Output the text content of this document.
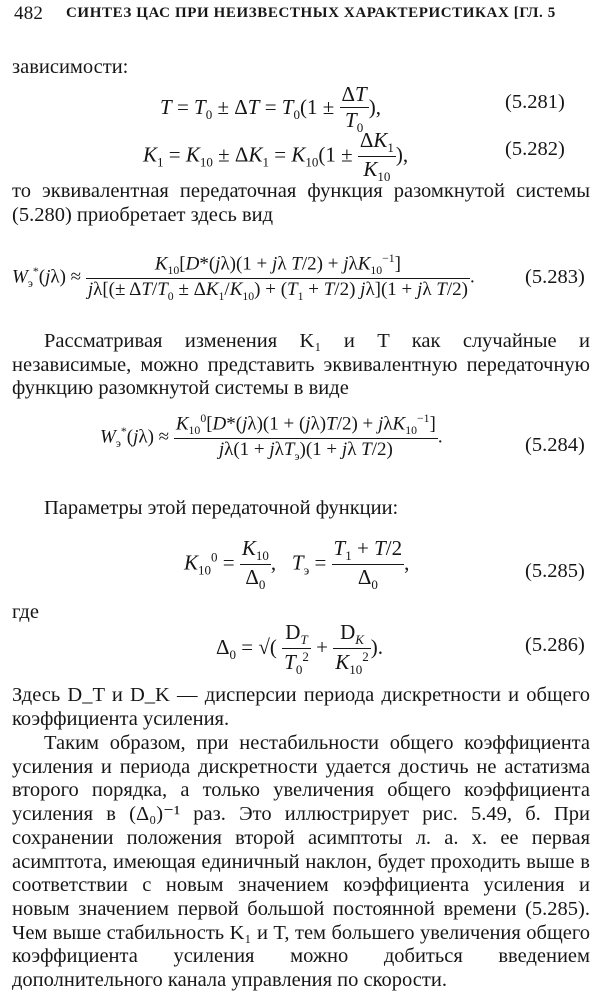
482 СИНТЕЗ ЦАС ПРИ НЕИЗВЕСТНЫХ ХАРАКТЕРИСТИКАХ [ГЛ. 5
зависимости:
$T = T_0 \pm \Delta T = T_0(1 \pm \frac{\Delta T}{T_0}$ ),	(5.281)
$K_1 = K_{10} \pm \Delta K_1 = K_{10}(1 \pm \frac{\Delta K_1}{K_{10}}$ ),	(5.282)
то эквивалентная передаточная функция разомкнутой системы (5.280) приобретает здесь вид
$W_э^*(j\lambda) \approx \frac{K_{10}[D*(j\lambda)(1 + j\lambda T/2) + j\lambda K_{10}^{-1}]}{j\lambda[(\pm \Delta T/T_0 \pm \Delta K_1/K_{10}) + (T_1 + T/2) j\lambda](1 + j\lambda T/2)}$ . (5.283)
Рассматривая изменения K₁ и T как случайные и независимые, можно представить эквивалентную передаточную функцию разомкнутой системы в виде
$W_э^*(j\lambda) \approx \frac{K_{10}^0[D*(j\lambda)(1 + (j\lambda)T/2) + j\lambda K_{10}^{-1}]}{j\lambda(1 + j\lambda T_э)(1 + j\lambda T/2)}$ .	(5.284)
Параметры этой передаточной функции:
$K_{10}^0 = \frac{K_{10}}{\Delta_0}$ ,   $T_э = \frac{T_1 + T/2}{\Delta_0}$ ,	(5.285)
где
$\Delta_0$ = √( $\frac{D_T}{T_0^2} + \frac{D_K}{K_{10}^2}$ ).	(5.286)
Здесь D_T и D_K — дисперсии периода дискретности и общего коэффициента усиления.
Таким образом, при нестабильности общего коэффициента усиления и периода дискретности удается достичь не астатизма второго порядка, а только увеличения общего коэффициента усиления в (Δ₀)⁻¹ раз. Это иллюстрирует рис. 5.49, б. При сохранении положения второй асимптоты л. а. х. ее первая асимптота, имеющая единичный наклон, будет проходить выше в соответствии с новым значением коэффициента усиления и новым значением первой большой постоянной времени (5.285). Чем выше стабильность K₁ и T, тем большего увеличения общего коэффициента усиления можно добиться введением дополнительного канала управления по скорости.
